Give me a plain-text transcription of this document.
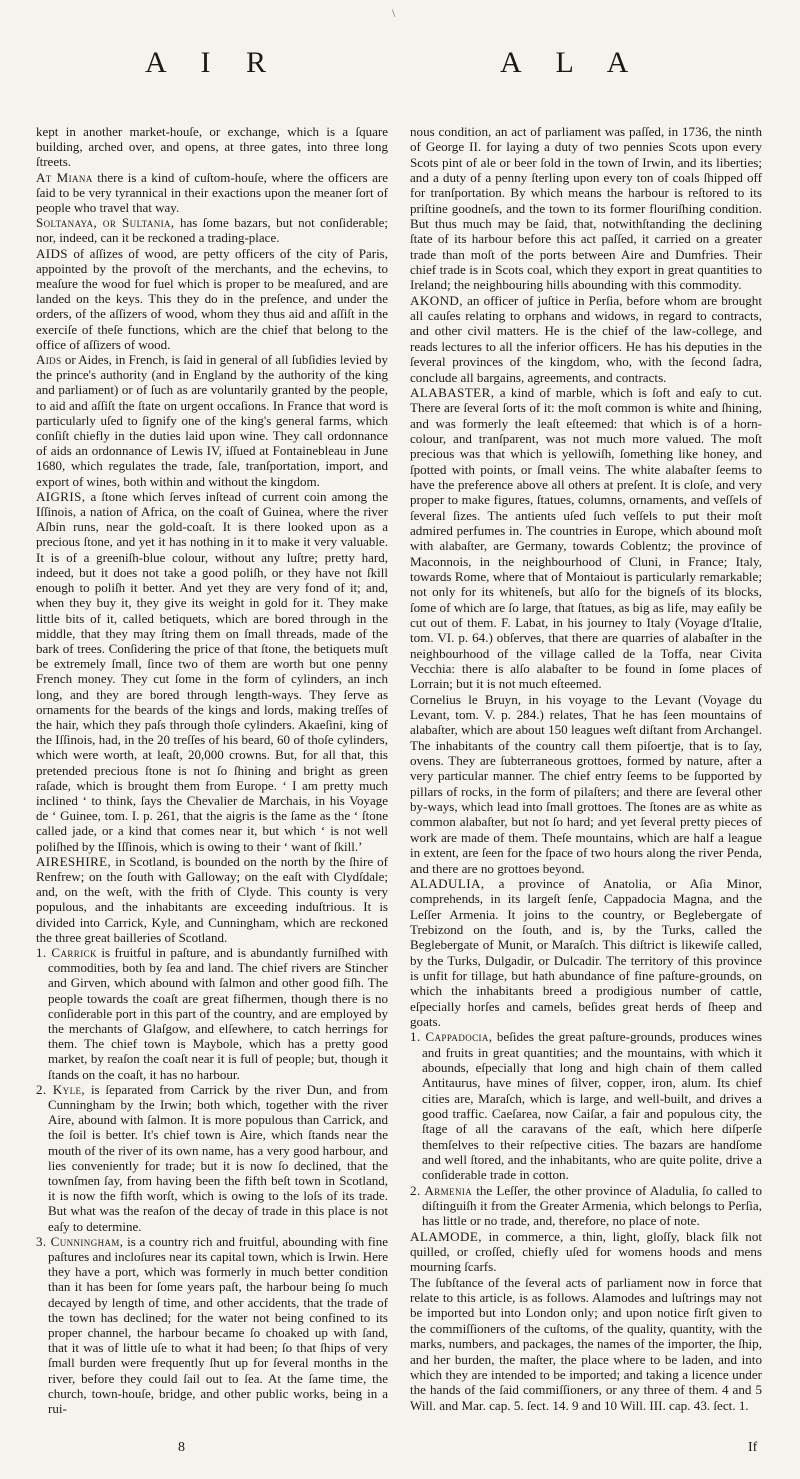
\
A I R	A L A

kept in another market-houſe, or exchange, which is a ſquare building, arched over, and opens, at three gates, into three long ſtreets.

At Miana there is a kind of cuſtom-houſe, where the officers are ſaid to be very tyrannical in their exactions upon the meaner ſort of people who travel that way.

Soltanaya, or Sultania, has ſome bazars, but not conſiderable; nor, indeed, can it be reckoned a trading-place.

AIDS of aſſizes of wood, are petty officers of the city of Paris, appointed by the provoſt of the merchants, and the echevins, to meaſure the wood for fuel which is proper to be meaſured, and are landed on the keys. This they do in the preſence, and under the orders, of the aſſizers of wood, whom they thus aid and aſſiſt in the exerciſe of theſe functions, which are the chief that belong to the office of aſſizers of wood.

Aids or Aides, in French, is ſaid in general of all ſubſidies levied by the prince's authority (and in England by the authority of the king and parliament) or of ſuch as are voluntarily granted by the people, to aid and aſſiſt the ſtate on urgent occaſions. In France that word is particularly uſed to ſignify one of the king's general farms, which conſiſt chiefly in the duties laid upon wine. They call ordonnance of aids an ordonnance of Lewis IV, iſſued at Fontainebleau in June 1680, which regulates the trade, ſale, tranſportation, import, and export of wines, both within and without the kingdom.

AIGRIS, a ſtone which ſerves inſtead of current coin among the Iſſinois, a nation of Africa, on the coaſt of Guinea, where the river Aſbin runs, near the gold-coaſt. It is there looked upon as a precious ſtone, and yet it has nothing in it to make it very valuable. It is of a greeniſh-blue colour, without any luſtre; pretty hard, indeed, but it does not take a good poliſh, or they have not ſkill enough to poliſh it better. And yet they are very fond of it; and, when they buy it, they give its weight in gold for it. They make little bits of it, called betiquets, which are bored through in the middle, that they may ſtring them on ſmall threads, made of the bark of trees. Conſidering the price of that ſtone, the betiquets muſt be extremely ſmall, ſince two of them are worth but one penny French money. They cut ſome in the form of cylinders, an inch long, and they are bored through length-ways. They ſerve as ornaments for the beards of the kings and lords, making treſſes of the hair, which they paſs through thoſe cylinders. Akaeſini, king of the Iſſinois, had, in the 20 treſſes of his beard, 60 of thoſe cylinders, which were worth, at leaſt, 20,000 crowns. But, for all that, this pretended precious ſtone is not ſo ſhining and bright as green raſade, which is brought them from Europe. ‘ I am pretty much inclined ‘ to think, ſays the Chevalier de Marchais, in his Voyage de ‘ Guinee, tom. I. p. 261, that the aigris is the ſame as the ‘ ſtone called jade, or a kind that comes near it, but which ‘ is not well poliſhed by the Iſſinois, which is owing to their ‘ want of ſkill.’

AIRESHIRE, in Scotland, is bounded on the north by the ſhire of Renfrew; on the ſouth with Galloway; on the eaſt with Clydſdale; and, on the weſt, with the frith of Clyde. This county is very populous, and the inhabitants are exceeding induſtrious. It is divided into Carrick, Kyle, and Cunningham, which are reckoned the three great bailleries of Scotland.

1. Carrick is fruitful in paſture, and is abundantly furniſhed with commodities, both by ſea and land. The chief rivers are Stincher and Girven, which abound with ſalmon and other good fiſh. The people towards the coaſt are great fiſhermen, though there is no conſiderable port in this part of the country, and are employed by the merchants of Glaſgow, and elſewhere, to catch herrings for them. The chief town is Maybole, which has a pretty good market, by reaſon the coaſt near it is full of people; but, though it ſtands on the coaſt, it has no harbour.

2. Kyle, is ſeparated from Carrick by the river Dun, and from Cunningham by the Irwin; both which, together with the river Aire, abound with ſalmon. It is more populous than Carrick, and the ſoil is better. It's chief town is Aire, which ſtands near the mouth of the river of its own name, has a very good harbour, and lies conveniently for trade; but it is now ſo declined, that the townſmen ſay, from having been the fifth beſt town in Scotland, it is now the fifth worſt, which is owing to the loſs of its trade. But what was the reaſon of the decay of trade in this place is not eaſy to determine.

3. Cunningham, is a country rich and fruitful, abounding with fine paſtures and incloſures near its capital town, which is Irwin. Here they have a port, which was formerly in much better condition than it has been for ſome years paſt, the harbour being ſo much decayed by length of time, and other accidents, that the trade of the town has declined; for the water not being confined to its proper channel, the harbour became ſo choaked up with ſand, that it was of little uſe to what it had been; ſo that ſhips of very ſmall burden were frequently ſhut up for ſeveral months in the river, before they could ſail out to ſea. At the ſame time, the church, town-houſe, bridge, and other public works, being in a rui-

nous condition, an act of parliament was paſſed, in 1736, the ninth of George II. for laying a duty of two pennies Scots upon every Scots pint of ale or beer ſold in the town of Irwin, and its liberties; and a duty of a penny ſterling upon every ton of coals ſhipped off for tranſportation. By which means the harbour is reſtored to its priſtine goodneſs, and the town to its former flouriſhing condition. But thus much may be ſaid, that, notwithſtanding the declining ſtate of its harbour before this act paſſed, it carried on a greater trade than moſt of the ports between Aire and Dumfries. Their chief trade is in Scots coal, which they export in great quantities to Ireland; the neighbouring hills abounding with this commodity.

AKOND, an officer of juſtice in Perſia, before whom are brought all cauſes relating to orphans and widows, in regard to contracts, and other civil matters. He is the chief of the law-college, and reads lectures to all the inferior officers. He has his deputies in the ſeveral provinces of the kingdom, who, with the ſecond ſadra, conclude all bargains, agreements, and contracts.

ALABASTER, a kind of marble, which is ſoft and eaſy to cut. There are ſeveral ſorts of it: the moſt common is white and ſhining, and was formerly the leaſt eſteemed: that which is of a horn-colour, and tranſparent, was not much more valued. The moſt precious was that which is yellowiſh, ſomething like honey, and ſpotted with points, or ſmall veins. The white alabaſter ſeems to have the preference above all others at preſent. It is cloſe, and very proper to make figures, ſtatues, columns, ornaments, and veſſels of ſeveral ſizes. The antients uſed ſuch veſſels to put their moſt admired perfumes in. The countries in Europe, which abound moſt with alabaſter, are Germany, towards Coblentz; the province of Maconnois, in the neighbourhood of Cluni, in France; Italy, towards Rome, where that of Montaiout is particularly remarkable; not only for its whiteneſs, but alſo for the bigneſs of its blocks, ſome of which are ſo large, that ſtatues, as big as life, may eaſily be cut out of them. F. Labat, in his journey to Italy (Voyage d'Italie, tom. VI. p. 64.) obſerves, that there are quarries of alabaſter in the neighbourhood of the village called de la Toffa, near Civita Vecchia: there is alſo alabaſter to be found in ſome places of Lorrain; but it is not much eſteemed.

Cornelius le Bruyn, in his voyage to the Levant (Voyage du Levant, tom. V. p. 284.) relates, That he has ſeen mountains of alabaſter, which are about 150 leagues weſt diſtant from Archangel. The inhabitants of the country call them piſoertje, that is to ſay, ovens. They are ſubterraneous grottoes, formed by nature, after a very particular manner. The chief entry ſeems to be ſupported by pillars of rocks, in the form of pilaſters; and there are ſeveral other by-ways, which lead into ſmall grottoes. The ſtones are as white as common alabaſter, but not ſo hard; and yet ſeveral pretty pieces of work are made of them. Theſe mountains, which are half a league in extent, are ſeen for the ſpace of two hours along the river Penda, and there are no grottoes beyond.

ALADULIA, a province of Anatolia, or Aſia Minor, comprehends, in its largeſt ſenſe, Cappadocia Magna, and the Leſſer Armenia. It joins to the country, or Beglebergate of Trebizond on the ſouth, and is, by the Turks, called the Beglebergate of Munit, or Maraſch. This diſtrict is likewiſe called, by the Turks, Dulgadir, or Dulcadir. The territory of this province is unfit for tillage, but hath abundance of fine paſture-grounds, on which the inhabitants breed a prodigious number of cattle, eſpecially horſes and camels, beſides great herds of ſheep and goats.

1. Cappadocia, beſides the great paſture-grounds, produces wines and fruits in great quantities; and the mountains, with which it abounds, eſpecially that long and high chain of them called Antitaurus, have mines of ſilver, copper, iron, alum. Its chief cities are, Maraſch, which is large, and well-built, and drives a good traffic. Caeſarea, now Caiſar, a fair and populous city, the ſtage of all the caravans of the eaſt, which here diſperſe themſelves to their reſpective cities. The bazars are handſome and well ſtored, and the inhabitants, who are quite polite, drive a conſiderable trade in cotton.

2. Armenia the Leſſer, the other province of Aladulia, ſo called to diſtinguiſh it from the Greater Armenia, which belongs to Perſia, has little or no trade, and, therefore, no place of note.

ALAMODE, in commerce, a thin, light, gloſſy, black ſilk not quilled, or croſſed, chiefly uſed for womens hoods and mens mourning ſcarfs.

The ſubſtance of the ſeveral acts of parliament now in force that relate to this article, is as follows. Alamodes and luſtrings may not be imported but into London only; and upon notice firſt given to the commiſſioners of the cuſtoms, of the quality, quantity, with the marks, numbers, and packages, the names of the importer, the ſhip, and her burden, the maſter, the place where to be laden, and into which they are intended to be imported; and taking a licence under the hands of the ſaid commiſſioners, or any three of them. 4 and 5 Will. and Mar. cap. 5. ſect. 14. 9 and 10 Will. III. cap. 43. ſect. 1.

8	If
